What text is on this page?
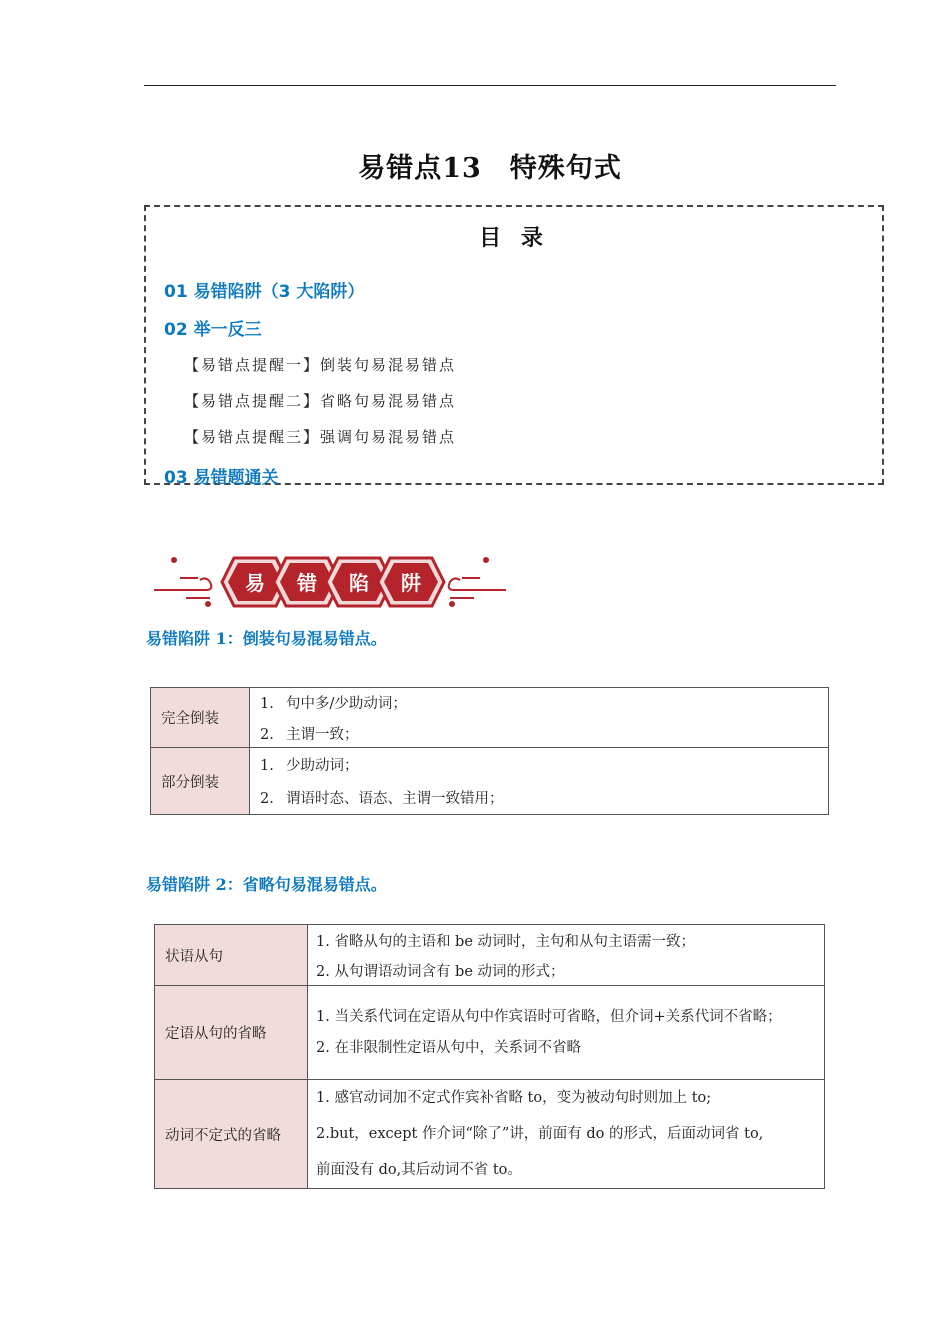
易错点13　特殊句式
目 录
01 易错陷阱（3 大陷阱）
02 举一反三
【易错点提醒一】倒装句易混易错点
【易错点提醒二】省略句易混易错点
【易错点提醒三】强调句易混易错点
03 易错题通关
易 错 陷 阱
易错陷阱 1：倒装句易混易错点。
完全倒装	1. 句中多/少助动词；
2. 主谓一致；

部分倒装	1. 少助动词；
2. 谓语时态、语态、主谓一致错用；
易错陷阱 2：省略句易混易错点。
状语从句	1. 省略从句的主语和 be 动词时，主句和从句主语需一致；
2. 从句谓语动词含有 be 动词的形式；

定语从句的省略	1. 当关系代词在定语从句中作宾语时可省略，但介词+关系代词不省略；
2. 在非限制性定语从句中，关系词不省略

动词不定式的省略	1. 感官动词加不定式作宾补省略 to，变为被动句时则加上 to;
2.but，except 作介词“除了”讲，前面有 do 的形式，后面动词省 to,
前面没有 do,其后动词不省 to。
